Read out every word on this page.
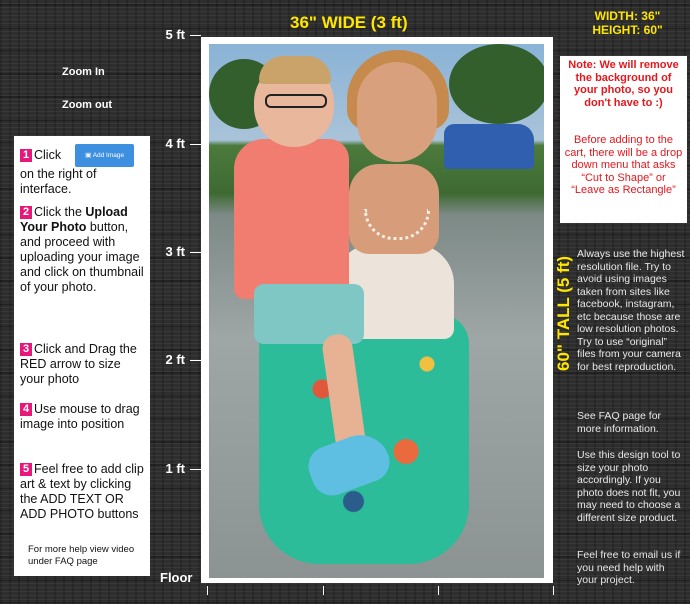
36" WIDE (3 ft)	WIDTH: 36"
HEIGHT: 60"
Zoom In
Zoom out
5 ft
4 ft
3 ft
2 ft
1 ft
Floor
1 Click	▣ Add Image
on the right of interface.
2 Click the Upload Your Photo button, and proceed with uploading your image and click on thumbnail of your photo.
3 Click and Drag the RED arrow to size your photo
4 Use mouse to drag image into position
5 Feel free to add clip art & text by clicking the ADD TEXT OR ADD PHOTO buttons
For more help view video under FAQ page
Note: We will remove the background of your photo, so you don't have to :)
Before adding to the cart, there will be a drop down menu that asks “Cut to Shape” or “Leave as Rectangle”
60" TALL (5 ft)
Always use the highest resolution file. Try to avoid using images taken from sites like facebook, instagram, etc because those are low resolution photos. Try to use “original” files from your camera for best reproduction.
See FAQ page for more information.
Use this design tool to size your photo accordingly. If you photo does not fit, you may need to choose a different size product.
Feel free to email us if you need help with your project.
